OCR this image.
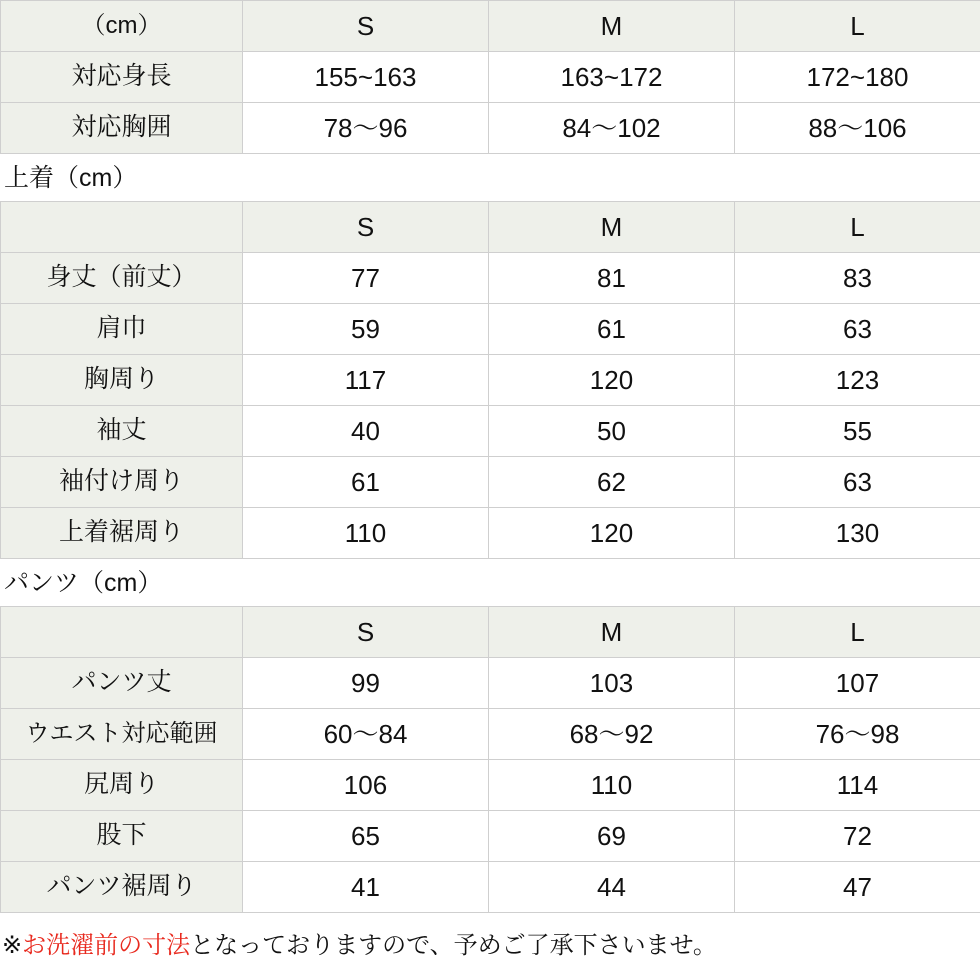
（cm）	S	M	L
対応身長	155~163	163~172	172~180
対応胸囲	78〜96	84〜102	88〜106
上着（cm）
	S	M	L
身丈（前丈）	77	81	83
肩巾	59	61	63
胸周り	117	120	123
袖丈	40	50	55
袖付け周り	61	62	63
上着裾周り	110	120	130
パンツ（cm）
	S	M	L
パンツ丈	99	103	107
ウエスト対応範囲	60〜84	68〜92	76〜98
尻周り	106	110	114
股下	65	69	72
パンツ裾周り	41	44	47
※お洗濯前の寸法となっておりますので、予めご了承下さいませ。
